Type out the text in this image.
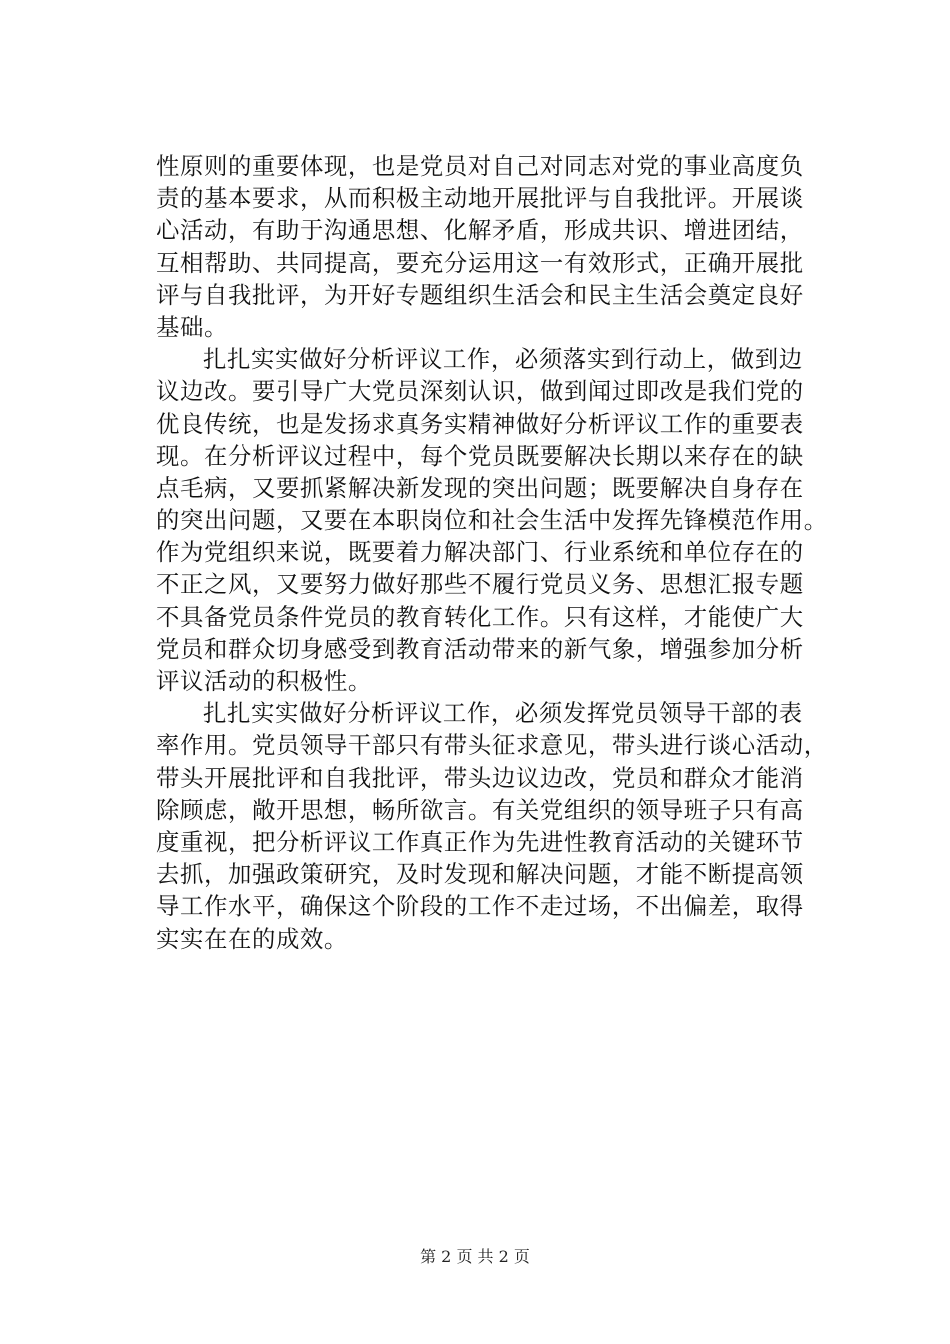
性原则的重要体现，也是党员对自己对同志对党的事业高度负
责的基本要求，从而积极主动地开展批评与自我批评。开展谈
心活动，有助于沟通思想、化解矛盾，形成共识、增进团结，
互相帮助、共同提高，要充分运用这一有效形式，正确开展批
评与自我批评，为开好专题组织生活会和民主生活会奠定良好
基础。
扎扎实实做好分析评议工作，必须落实到行动上，做到边
议边改。要引导广大党员深刻认识，做到闻过即改是我们党的
优良传统，也是发扬求真务实精神做好分析评议工作的重要表
现。在分析评议过程中，每个党员既要解决长期以来存在的缺
点毛病，又要抓紧解决新发现的突出问题；既要解决自身存在
的突出问题，又要在本职岗位和社会生活中发挥先锋模范作用。
作为党组织来说，既要着力解决部门、行业系统和单位存在的
不正之风，又要努力做好那些不履行党员义务、思想汇报专题
不具备党员条件党员的教育转化工作。只有这样，才能使广大
党员和群众切身感受到教育活动带来的新气象，增强参加分析
评议活动的积极性。
扎扎实实做好分析评议工作，必须发挥党员领导干部的表
率作用。党员领导干部只有带头征求意见，带头进行谈心活动，
带头开展批评和自我批评，带头边议边改，党员和群众才能消
除顾虑，敞开思想，畅所欲言。有关党组织的领导班子只有高
度重视，把分析评议工作真正作为先进性教育活动的关键环节
去抓，加强政策研究，及时发现和解决问题，才能不断提高领
导工作水平，确保这个阶段的工作不走过场，不出偏差，取得
实实在在的成效。
第 2 页 共 2 页
